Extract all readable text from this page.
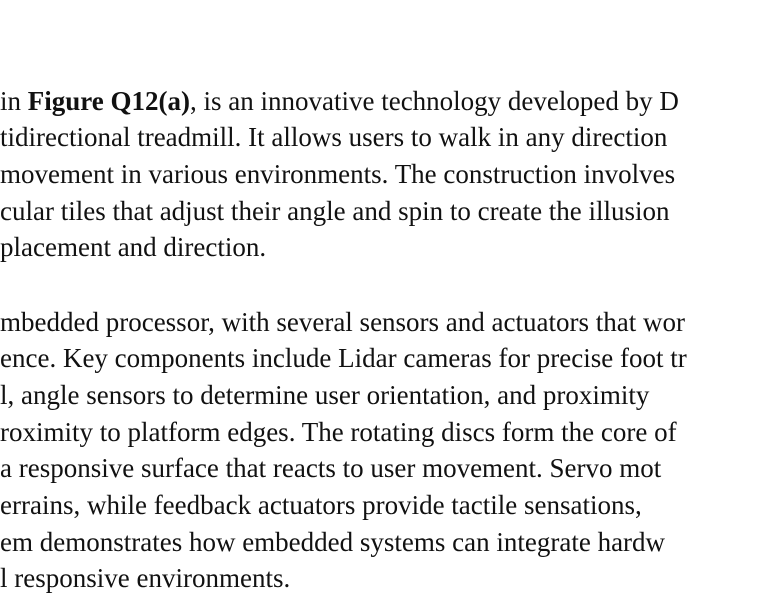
in Figure Q12(a), is an innovative technology developed by D
tidirectional treadmill. It allows users to walk in any direction
movement in various environments. The construction involves
cular tiles that adjust their angle and spin to create the illusion
placement and direction.
mbedded processor, with several sensors and actuators that wor
ence. Key components include Lidar cameras for precise foot tr
l, angle sensors to determine user orientation, and proximity
roximity to platform edges. The rotating discs form the core of
a responsive surface that reacts to user movement. Servo mot
errains, while feedback actuators provide tactile sensations,
em demonstrates how embedded systems can integrate hardw
l responsive environments.
